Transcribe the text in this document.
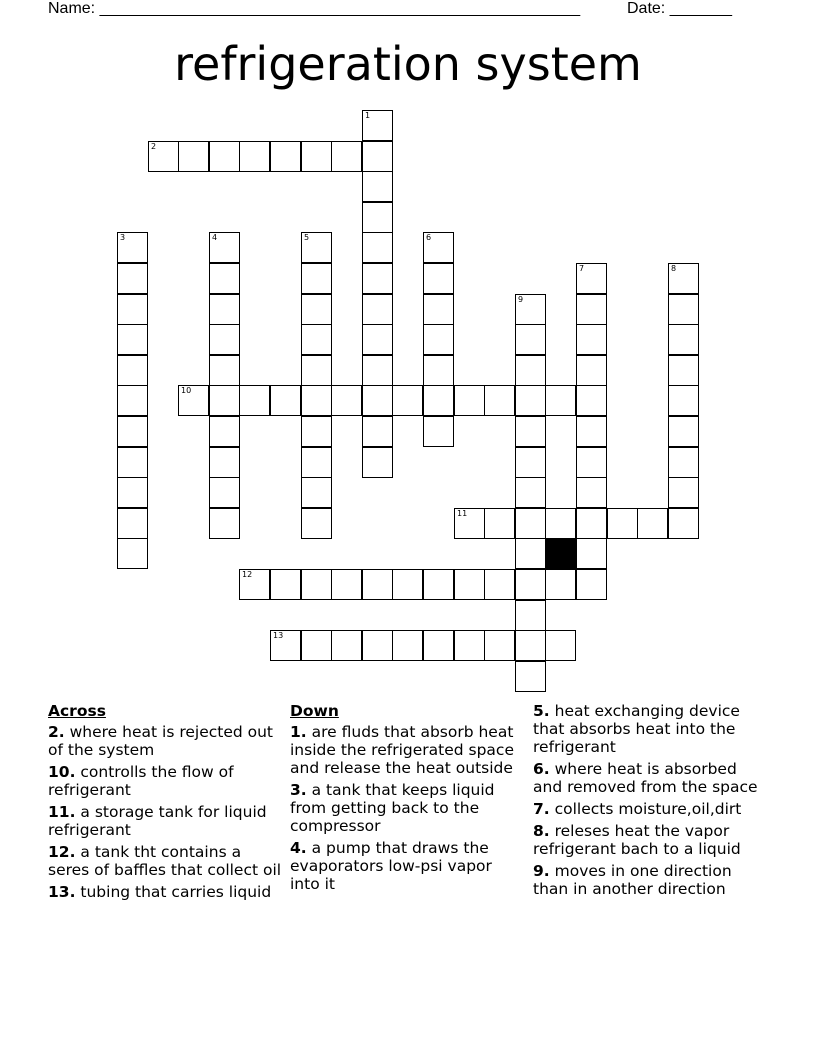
Name: ______________________________________________________	Date: _______
refrigeration system
1
2
3	4	5	6
7	8
9
10
11
12
13
Across
2. where heat is rejected out of the system
10. controlls the flow of refrigerant
11. a storage tank for liquid refrigerant
12. a tank tht contains a seres of baffles that collect oil
13. tubing that carries liquid
Down
1. are fluds that absorb heat inside the refrigerated space and release the heat outside
3. a tank that keeps liquid from getting back to the compressor
4. a pump that draws the evaporators low-psi vapor into it
5. heat exchanging device that absorbs heat into the refrigerant
6. where heat is absorbed and removed from the space
7. collects moisture,oil,dirt
8. releses heat the vapor refrigerant bach to a liquid
9. moves in one direction than in another direction
